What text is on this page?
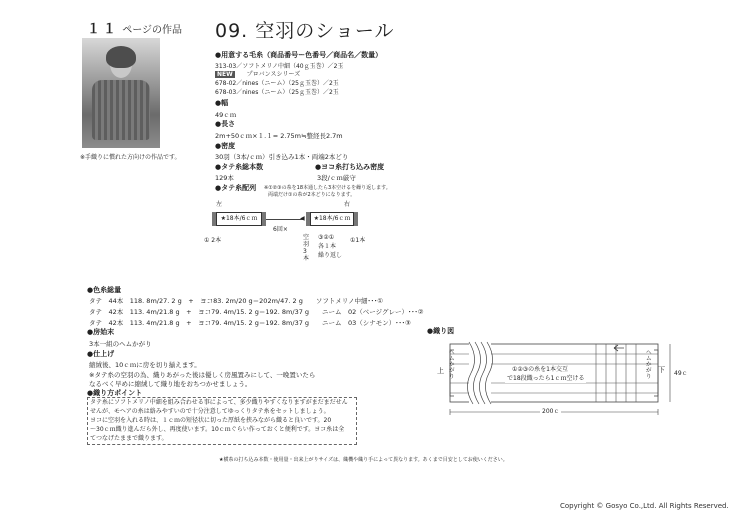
１１ ページの作品 09. 空羽のショール
※手織りに慣れた方向けの作品です。
● 用意する毛糸（商品番号ー色番号／商品名／数量）
313-03／ソフトメリノ中細（40ｇ玉巻）／2玉
NEW プロバンスシリーズ
678-02／nines（ニーム）（25ｇ玉巻）／2玉
678-03／nines（ニーム）（25ｇ玉巻）／2玉
● 幅
49ｃｍ
● 長さ
2m+50ｃｍ×１.１= 2.75m≒整経長2.7m
● 密度
30羽（3本/ｃｍ）引き込み1本・両端2本どり
● タテ糸総本数
129本
● ヨコ糸打ち込み密度
3段/ｃｍ厳守
● タテ糸配列 ※①②③の糸を18本通したら3本空けるを繰り返します。
両端だけ①の糸が2本どりになります。
左	右
★18本/6ｃｍ	◀
6回×
★18本/6ｃｍ
① 2本	①1本
空羽3本
③②①
各１本
繰り返し
● 色糸総量
タテ　44本　118. 8m/27. 2 g　+　ヨコ83. 2m/20 g＝202m/47. 2 g　　ソフトメリノ中細･･･①
タテ　42本　113. 4m/21.8 g　+　ヨコ79. 4m/15. 2 g＝192. 8m/37 g　　ニーム　02（ベージグレー）･･･②
タテ　42本　113. 4m/21.8 g　+　ヨコ79. 4m/15. 2 g＝192. 8m/37 g　　ニーム　03（シナモン）･･･③
● 房始末
3本一組のヘムかがり
● 仕上げ
縮絨後、10ｃｍに房を切り揃えます。
※タテ糸の空羽の為、織りあがった後は優しく房風置みにして、一晩置いたら
なるべく早めに縮絨して織り地をおちつかせましょう。
● 織り方ポイント
タテ糸にソフトメリノ中細を組み合わせる事によって、多少織りやすくなりますがまだまだせん
せんが、モヘアの糸は絡みやすいので十分注意してゆっくりタテ糸をセットしましょう。
ヨコに空羽を入れる時は、１ｃｍの短径状に切った厚紙を挟みながら織ると良いです。20
～30ｃｍ織り進んだら外し、再度使います。10ｃｍぐらい作っておくと便利です。ヨコ糸は全
てつなげたままで織ります。
● 織り図
上	下
へムかがり
へムかがり
①②③の糸を1本交互
で18段織ったら1ｃｍ空ける
49ｃ
200ｃ
★横糸の打ち込み本数・使用量・出来上がりサイズは、織機や織り手によって異なります。あくまで目安としてお使いください。
Copyright © Gosyo Co.,Ltd. All Rights Reserved.
